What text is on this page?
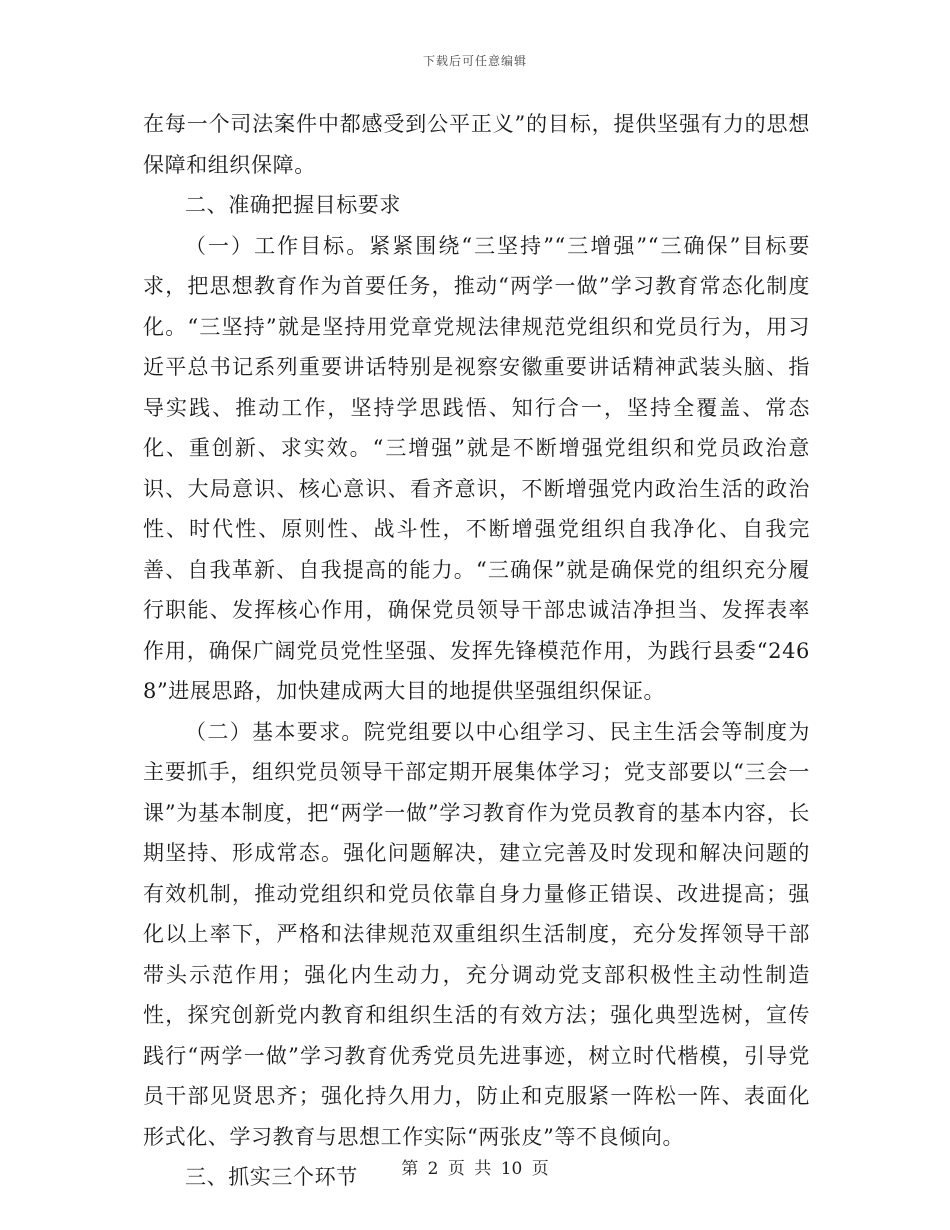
下载后可任意编辑

在每一个司法案件中都感受到公平正义”的目标，提供坚强有力的思想保障和组织保障。

二、准确把握目标要求

（一）工作目标。紧紧围绕“三坚持”“三增强”“三确保”目标要求，把思想教育作为首要任务，推动“两学一做”学习教育常态化制度化。“三坚持”就是坚持用党章党规法律规范党组织和党员行为，用习近平总书记系列重要讲话特别是视察安徽重要讲话精神武装头脑、指导实践、推动工作，坚持学思践悟、知行合一，坚持全覆盖、常态化、重创新、求实效。“三增强”就是不断增强党组织和党员政治意识、大局意识、核心意识、看齐意识，不断增强党内政治生活的政治性、时代性、原则性、战斗性，不断增强党组织自我净化、自我完善、自我革新、自我提高的能力。“三确保”就是确保党的组织充分履行职能、发挥核心作用，确保党员领导干部忠诚洁净担当、发挥表率作用，确保广阔党员党性坚强、发挥先锋模范作用，为践行县委“2468”进展思路，加快建成两大目的地提供坚强组织保证。

（二）基本要求。院党组要以中心组学习、民主生活会等制度为主要抓手，组织党员领导干部定期开展集体学习；党支部要以“三会一课”为基本制度，把“两学一做”学习教育作为党员教育的基本内容，长期坚持、形成常态。强化问题解决，建立完善及时发现和解决问题的有效机制，推动党组织和党员依靠自身力量修正错误、改进提高；强化以上率下，严格和法律规范双重组织生活制度，充分发挥领导干部带头示范作用；强化内生动力，充分调动党支部积极性主动性制造性，探究创新党内教育和组织生活的有效方法；强化典型选树，宣传践行“两学一做”学习教育优秀党员先进事迹，树立时代楷模，引导党员干部见贤思齐；强化持久用力，防止和克服紧一阵松一阵、表面化形式化、学习教育与思想工作实际“两张皮”等不良倾向。

三、抓实三个环节	第 2 页 共 10 页
